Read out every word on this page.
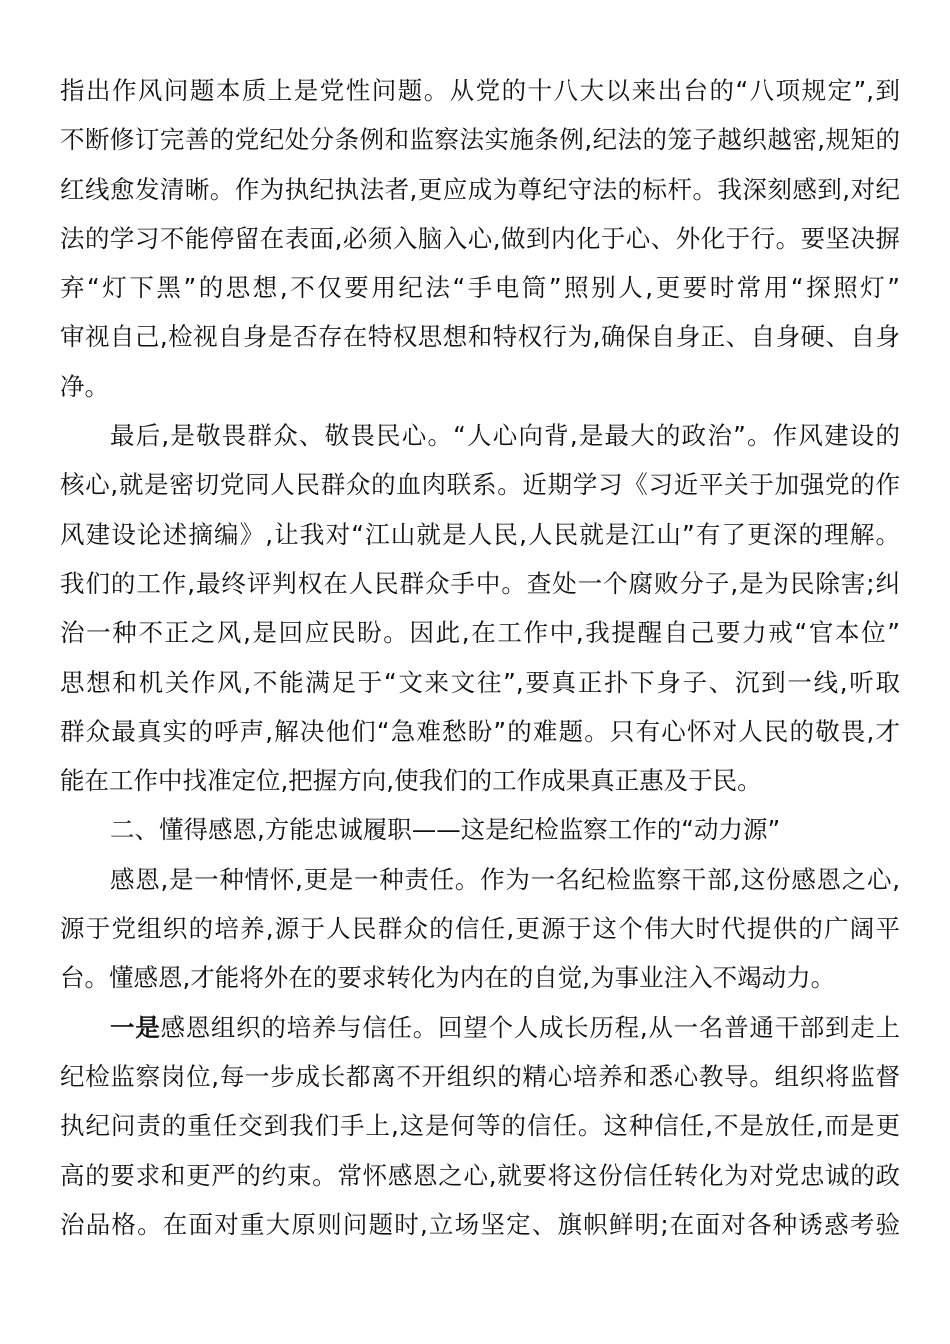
指出作风问题本质上是党性问题。从党的十八大以来出台的“八项规定”,到
不断修订完善的党纪处分条例和监察法实施条例,纪法的笼子越织越密,规矩的
红线愈发清晰。作为执纪执法者,更应成为尊纪守法的标杆。我深刻感到,对纪
法的学习不能停留在表面,必须入脑入心,做到内化于心、外化于行。要坚决摒
弃“灯下黑”的思想,不仅要用纪法“手电筒”照别人,更要时常用“探照灯”
审视自己,检视自身是否存在特权思想和特权行为,确保自身正、自身硬、自身
净。
最后,是敬畏群众、敬畏民心。“人心向背,是最大的政治”。作风建设的
核心,就是密切党同人民群众的血肉联系。近期学习《习近平关于加强党的作
风建设论述摘编》,让我对“江山就是人民,人民就是江山”有了更深的理解。
我们的工作,最终评判权在人民群众手中。查处一个腐败分子,是为民除害;纠
治一种不正之风,是回应民盼。因此,在工作中,我提醒自己要力戒“官本位”
思想和机关作风,不能满足于“文来文往”,要真正扑下身子、沉到一线,听取
群众最真实的呼声,解决他们“急难愁盼”的难题。只有心怀对人民的敬畏,才
能在工作中找准定位,把握方向,使我们的工作成果真正惠及于民。
二、懂得感恩,方能忠诚履职——这是纪检监察工作的“动力源”
感恩,是一种情怀,更是一种责任。作为一名纪检监察干部,这份感恩之心,
源于党组织的培养,源于人民群众的信任,更源于这个伟大时代提供的广阔平
台。懂感恩,才能将外在的要求转化为内在的自觉,为事业注入不竭动力。
一是感恩组织的培养与信任。回望个人成长历程,从一名普通干部到走上
纪检监察岗位,每一步成长都离不开组织的精心培养和悉心教导。组织将监督
执纪问责的重任交到我们手上,这是何等的信任。这种信任,不是放任,而是更
高的要求和更严的约束。常怀感恩之心,就要将这份信任转化为对党忠诚的政
治品格。在面对重大原则问题时,立场坚定、旗帜鲜明;在面对各种诱惑考验
